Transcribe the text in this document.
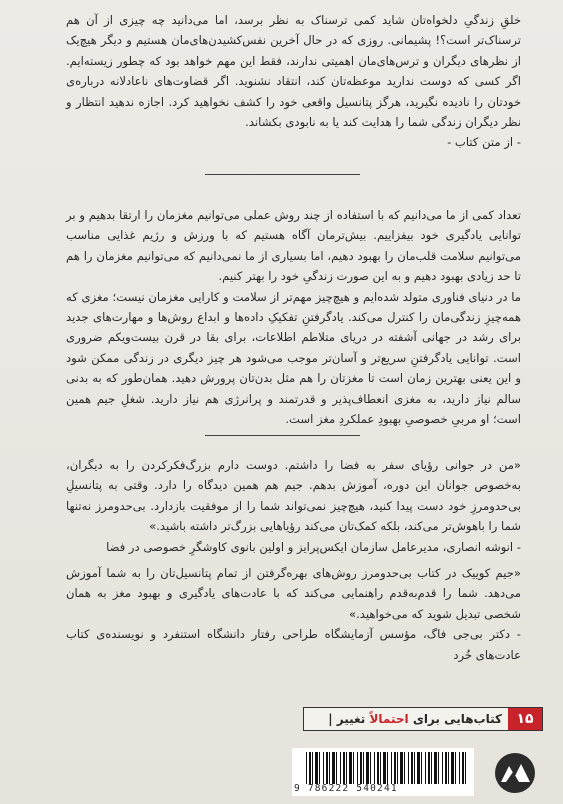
خلقِ زندگیِ دلخواه‌تان شاید کمی ترسناک به نظر برسد، اما می‌دانید چه چیزی از آن هم ترسناک‌تر است؟! پشیمانی. روزی که در حال آخرین نفس‌کشیدن‌های‌مان هستیم و دیگر هیچ‌یک از نظرهای دیگران و ترس‌های‌مان اهمیتی ندارند، فقط این مهم خواهد بود که چطور زیسته‌ایم. اگر کسی که دوست ندارید موعظه‌تان کند، انتقاد نشنوید. اگر قضاوت‌های ناعادلانه درباره‌ی خودتان را نادیده نگیرید، هرگز پتانسیل واقعی خود را کشف نخواهید کرد. اجازه ندهید انتظار و نظر دیگران زندگی شما را هدایت کند یا به نابودی بکشاند.

- از متن کتاب -

تعداد کمی از ما می‌دانیم که با استفاده از چند روش عملی می‌توانیم مغزمان را ارتقا بدهیم و بر توانایی یادگیری خود بیفزاییم. بیش‌ترمان آگاه هستیم که با ورزش و رژیم غذایی مناسب می‌توانیم سلامت قلب‌مان را بهبود دهیم، اما بسیاری از ما نمی‌دانیم که می‌توانیم مغزمان را هم تا حد زیادی بهبود دهیم و به این صورت زندگیِ خود را بهتر کنیم.

ما در دنیای فناوری متولد شده‌ایم و هیچ‌چیز مهم‌تر از سلامت و کارایی مغزمان نیست؛ مغزی که همه‌چیزِ زندگی‌مان را کنترل می‌کند. یادگرفتنِ تفکیکِ داده‌ها و ابداع روش‌ها و مهارت‌های جدید برای رشد در جهانی آشفته در دریای متلاطم اطلاعات، برای بقا در قرن بیست‌ویکم ضروری است. توانایی یادگرفتنِ سریع‌تر و آسان‌تر موجب می‌شود هر چیز دیگری در زندگی ممکن شود و این یعنی بهترین زمان است تا مغزتان را هم مثل بدن‌تان پرورش دهید. همان‌طور که به بدنی سالم نیاز دارید، به مغزی انعطاف‌پذیر و قدرتمند و پرانرژی هم نیاز دارید. شغلِ جیم همین است؛ او مربیِ خصوصیِ بهبودِ عملکردِ مغز است.

«من در جوانی رؤیای سفر به فضا را داشتم. دوست دارم بزرگ‌فکرکردن را به دیگران، به‌خصوص جوانان این دوره، آموزش بدهم. جیم هم همین دیدگاه را دارد. وقتی به پتانسیلِ بی‌حدومرزِ خود دست پیدا کنید، هیچ‌چیز نمی‌تواند شما را از موفقیت بازدارد. بی‌حدومرز نه‌تنها شما را باهوش‌تر می‌کند، بلکه کمک‌تان می‌کند رؤیاهایی بزرگ‌تر داشته باشید.»

- انوشه انصاری، مدیرعامل سازمان ایکس‌پرایز و اولین بانوی کاوشگرِ خصوصی در فضا

«جیم کوییک در کتاب بی‌حدومرز روش‌های بهره‌گرفتن از تمام پتانسیل‌تان را به شما آموزش می‌دهد. شما را قدم‌به‌قدم راهنمایی می‌کند که با عادت‌های یادگیری و بهبود مغز به همان شخصی تبدیل شوید که می‌خواهید.»

- دکتر بی‌جی فاگ، مؤسس آزمایشگاه طراحی رفتار دانشگاه استنفرد و نویسنده‌ی کتاب عادت‌های خُرد

۱۵
کتاب‌هایی برای احتمالاً تغییر |
9 786222 540241
